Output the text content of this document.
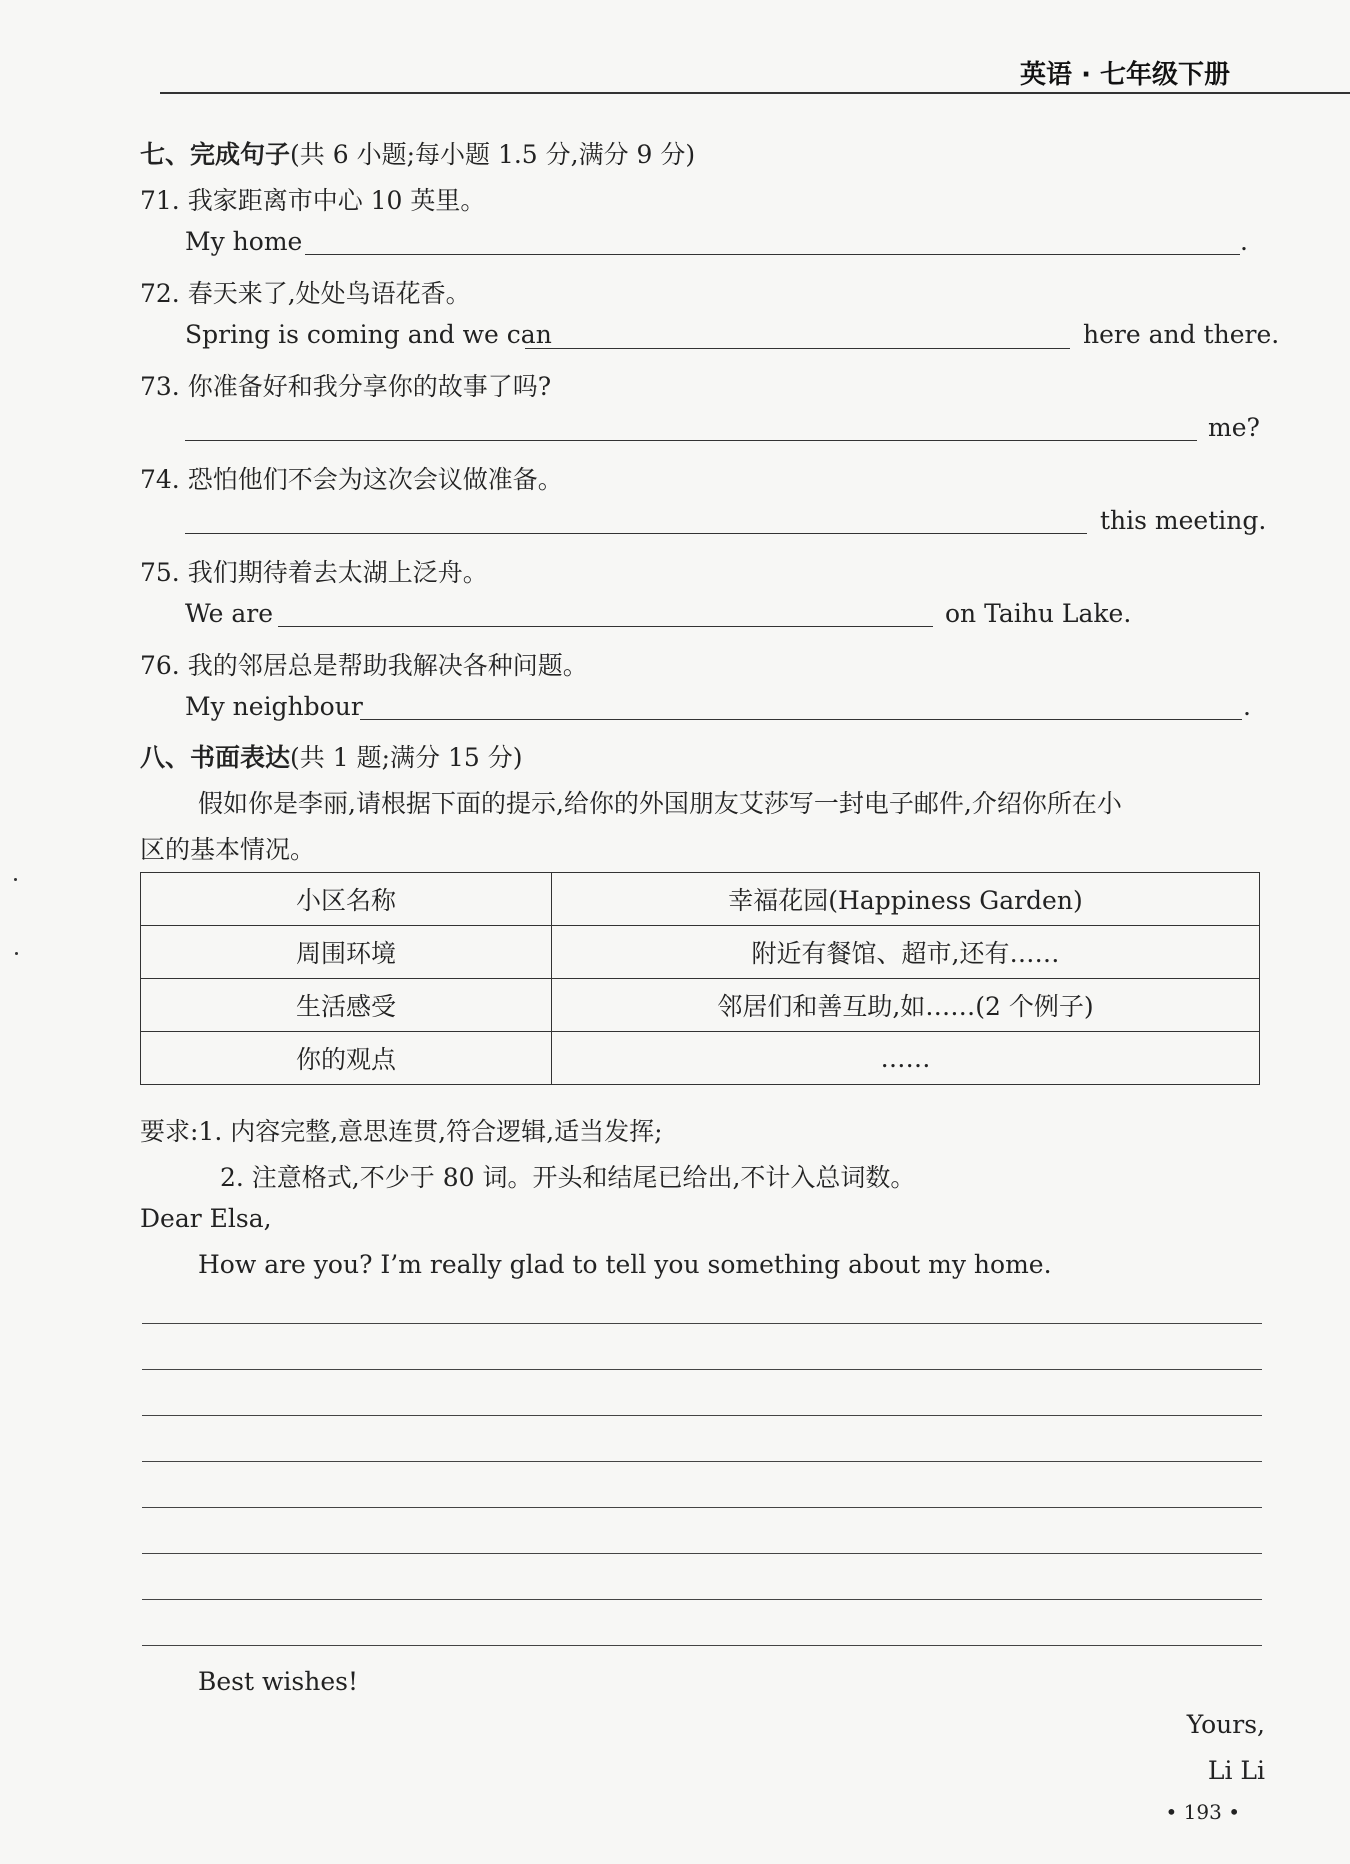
英语 · 七年级下册
七、完成句子(共 6 小题;每小题 1.5 分,满分 9 分)
71. 我家距离市中心 10 英里。
My home	.
72. 春天来了,处处鸟语花香。
Spring is coming and we can	here and there.
73. 你准备好和我分享你的故事了吗?
me?
74. 恐怕他们不会为这次会议做准备。
this meeting.
75. 我们期待着去太湖上泛舟。
We are	on Taihu Lake.
76. 我的邻居总是帮助我解决各种问题。
My neighbour	.
八、书面表达(共 1 题;满分 15 分)
假如你是李丽,请根据下面的提示,给你的外国朋友艾莎写一封电子邮件,介绍你所在小
区的基本情况。
小区名称	幸福花园(Happiness Garden)
周围环境	附近有餐馆、超市,还有……
生活感受	邻居们和善互助,如……(2 个例子)
你的观点	……
要求:1. 内容完整,意思连贯,符合逻辑,适当发挥;
2. 注意格式,不少于 80 词。开头和结尾已给出,不计入总词数。
Dear Elsa,
How are you? I’m really glad to tell you something about my home.
Best wishes!
Yours,
Li Li
• 193 •
